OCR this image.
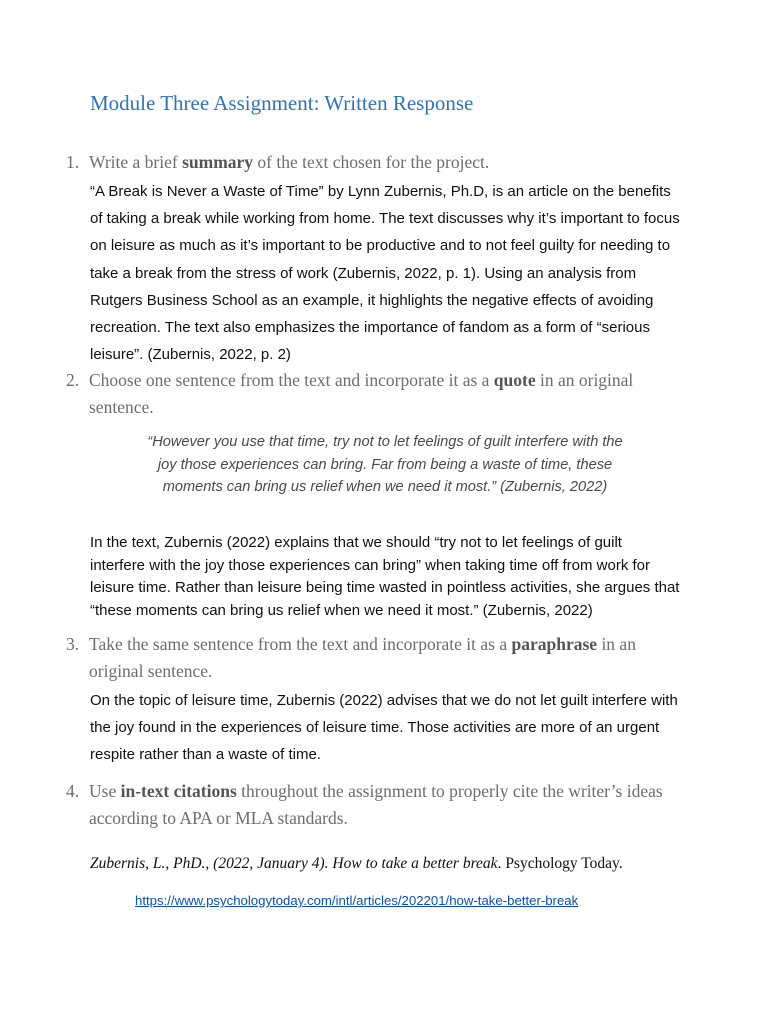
Module Three Assignment: Written Response
1. Write a brief summary of the text chosen for the project.

“A Break is Never a Waste of Time” by Lynn Zubernis, Ph.D, is an article on the benefits of taking a break while working from home. The text discusses why it’s important to focus on leisure as much as it’s important to be productive and to not feel guilty for needing to take a break from the stress of work (Zubernis, 2022, p. 1). Using an analysis from Rutgers Business School as an example, it highlights the negative effects of avoiding recreation. The text also emphasizes the importance of fandom as a form of “serious leisure”. (Zubernis, 2022, p. 2)

2. Choose one sentence from the text and incorporate it as a quote in an original sentence.
“However you use that time, try not to let feelings of guilt interfere with the joy those experiences can bring. Far from being a waste of time, these moments can bring us relief when we need it most.” (Zubernis, 2022)

In the text, Zubernis (2022) explains that we should “try not to let feelings of guilt interfere with the joy those experiences can bring” when taking time off from work for leisure time. Rather than leisure being time wasted in pointless activities, she argues that “these moments can bring us relief when we need it most.” (Zubernis, 2022)

3. Take the same sentence from the text and incorporate it as a paraphrase in an original sentence.

On the topic of leisure time, Zubernis (2022) advises that we do not let guilt interfere with the joy found in the experiences of leisure time. Those activities are more of an urgent respite rather than a waste of time.

4. Use in-text citations throughout the assignment to properly cite the writer’s ideas according to APA or MLA standards.
Zubernis, L., PhD., (2022, January 4). How to take a better break. Psychology Today.
https://www.psychologytoday.com/intl/articles/202201/how-take-better-break
